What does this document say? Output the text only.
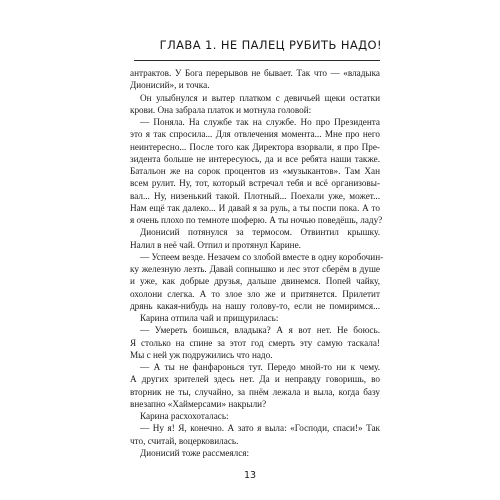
ГЛАВА 1. НЕ ПАЛЕЦ РУБИТЬ НАДО!
антрактов. У Бога перерывов не бывает. Так что — «владыка
Дионисий», и точка.
Он улыбнулся и вытер платком с девичьей щеки остатки
крови. Она забрала платок и мотнула головой:
— Поняла. На службе так на службе. Но про Президента
это я так спросила... Для отвлечения момента... Мне про него
неинтересно... После того как Директора взорвали, я про Пре-
зидента больше не интересуюсь, да и все ребята наши также.
Батальон же на сорок процентов из «музыкантов». Там Хан
всем рулит. Ну, тот, который встречал тебя и всё организовы-
вал... Ну, низенький такой. Плотный... Поехали уже, может...
Нам ещё так далеко... И давай я за руль, а ты поспи пока. А то
я очень плохо по темноте шоферю. А ты ночью поведёшь, ладу?
Дионисий потянулся за термосом. Отвинтил крышку.
Налил в неё чай. Отпил и протянул Карине.
— Успеем везде. Незачем со злобой вместе в одну коробочин-
ку железную лезть. Давай сопнышко и лес этот сберём в душе
и уже, как добрые друзья, дальше двинемся. Попей чайку,
охолони слегка. А то злое зло же и притянется. Прилетит
дрянь какая-нибудь на нашу голову-то, если не помиримся...
Карина отпила чай и прищурилась:
— Умереть боишься, владыка? А я вот нет. Не боюсь.
Я столько на спине за этот год смерть эту самую таскала!
Мы с ней уж подружились что надо.
— А ты не фанфаронься тут. Передо мной-то ни к чему.
А других зрителей здесь нет. Да и неправду говоришь, во
вторник не ты, случайно, за пнём лежала и выла, когда базу
внезапно «Хаймерсами» накрыли?
Карина расхохоталась:
— Ну я! Я, конечно. А зато я выла: «Господи, спаси!» Так
что, считай, воцерковилась.
Дионисий тоже рассмеялся:
13
